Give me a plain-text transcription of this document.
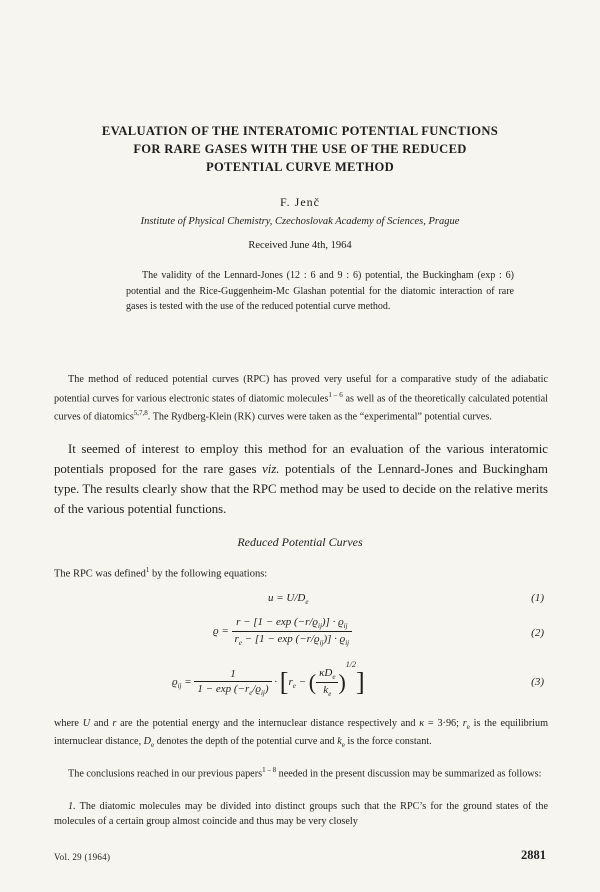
EVALUATION OF THE INTERATOMIC POTENTIAL FUNCTIONS
FOR RARE GASES WITH THE USE OF THE REDUCED
POTENTIAL CURVE METHOD
F. Jenč
Institute of Physical Chemistry, Czechoslovak Academy of Sciences, Prague
Received June 4th, 1964
The validity of the Lennard-Jones (12 : 6 and 9 : 6) potential, the Buckingham (exp : 6) potential and the Rice-Guggenheim-Mc Glashan potential for the diatomic interaction of rare gases is tested with the use of the reduced potential curve method.
The method of reduced potential curves (RPC) has proved very useful for a comparative study of the adiabatic potential curves for various electronic states of diatomic molecules$^{1 - 6}$ as well as of the theoretically calculated potential curves of diatomics$^{5,7,8}$. The Rydberg-Klein (RK) curves were taken as the “experimental” potential curves.
It seemed of interest to employ this method for an evaluation of the various interatomic potentials proposed for the rare gases viz. potentials of the Lennard-Jones and Buckingham type. The results clearly show that the RPC method may be used to decide on the relative merits of the various potential functions.
Reduced Potential Curves
The RPC was defined$^1$ by the following equations:
$u = U/D_e$	(1)
$ϱ = \frac{r - [1 - \exp (-r/ϱ_{ij})] \cdot ϱ_{ij}}{r_e - [1 - \exp (-r/ϱ_{ij})] \cdot ϱ_{ij}}$	(2)
$ϱ_{ij} = \frac{1}{1 - \exp (-r_e/ϱ_{ij})} \cdot [r_e$ − ( $\frac{\kappa D_e}{k_e} )^{1/2}$]	(3)
where U and r are the potential energy and the internuclear distance respectively and κ = 3·96; $r_e$ is the equilibrium internuclear distance, $D_e$ denotes the depth of the potential curve and $k_e$ is the force constant.
The conclusions reached in our previous papers$^{1 - 8}$ needed in the present discussion may be summarized as follows:
1. The diatomic molecules may be divided into distinct groups such that the RPC’s for the ground states of the molecules of a certain group almost coincide and thus may be very closely
Vol. 29 (1964)	2881
